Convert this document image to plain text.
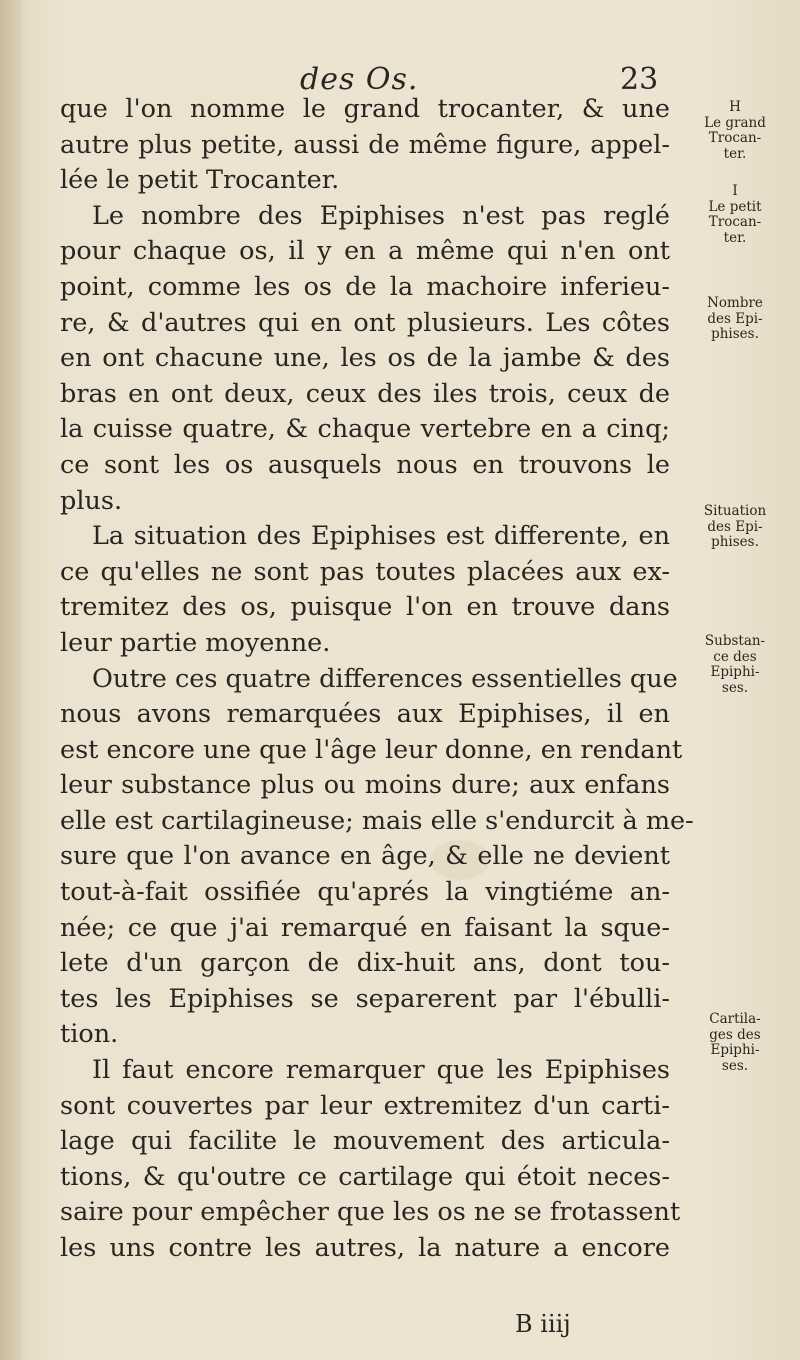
des Os.	23
que l'on nomme le grand trocanter, & une
autre plus petite, aussi de même figure, appel-
lée le petit Trocanter.
Le nombre des Epiphises n'est pas reglé
pour chaque os, il y en a même qui n'en ont
point, comme les os de la machoire inferieu-
re, & d'autres qui en ont plusieurs. Les côtes
en ont chacune une, les os de la jambe & des
bras en ont deux, ceux des iles trois, ceux de
la cuisse quatre, & chaque vertebre en a cinq;
ce sont les os ausquels nous en trouvons le
plus.
La situation des Epiphises est differente, en
ce qu'elles ne sont pas toutes placées aux ex-
tremitez des os, puisque l'on en trouve dans
leur partie moyenne.
Outre ces quatre differences essentielles que
nous avons remarquées aux Epiphises, il en
est encore une que l'âge leur donne, en rendant
leur substance plus ou moins dure; aux enfans
elle est cartilagineuse; mais elle s'endurcit à me-
sure que l'on avance en âge, & elle ne devient
tout-à-fait ossifiée qu'aprés la vingtiéme an-
née; ce que j'ai remarqué en faisant la sque-
lete d'un garçon de dix-huit ans, dont tou-
tes les Epiphises se separerent par l'ébulli-
tion.
Il faut encore remarquer que les Epiphises
sont couvertes par leur extremitez d'un carti-
lage qui facilite le mouvement des articula-
tions, & qu'outre ce cartilage qui étoit neces-
saire pour empêcher que les os ne se frotassent
les uns contre les autres, la nature a encore
H
Le grand
Trocan-
ter.
I
Le petit
Trocan-
ter.
Nombre
des Epi-
phises.
Situation
des Epi-
phises.
Substan-
ce des
Epiphi-
ses.
Cartila-
ges des
Epiphi-
ses.
B iiij
